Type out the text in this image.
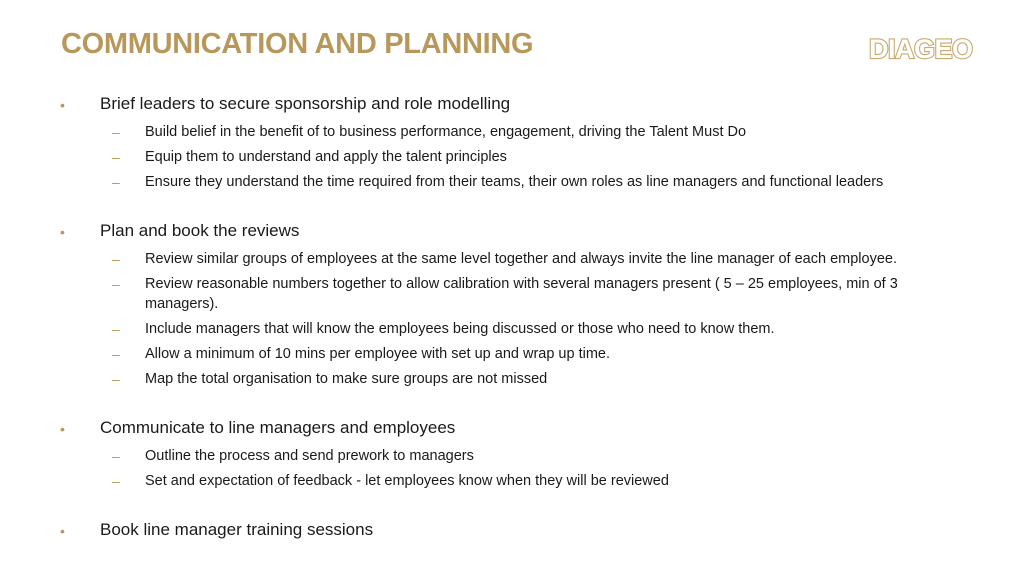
COMMUNICATION AND PLANNING	DIAGEO
• Brief leaders to secure sponsorship and role modelling
– Build belief in the benefit of to business performance, engagement, driving the Talent Must Do
– Equip them to understand and apply the talent principles
– Ensure they understand the time required from their teams, their own roles as line managers and functional leaders
• Plan and book the reviews
– Review similar groups of employees at the same level together and always invite the line manager of each employee.
– Review reasonable numbers together to allow calibration with several managers present ( 5 – 25 employees, min of 3 managers).
– Include managers that will know the employees being discussed or those who need to know them.
– Allow a minimum of 10 mins per employee with set up and wrap up time.
– Map the total organisation to make sure groups are not missed
• Communicate to line managers and employees
– Outline the process and send prework to managers
– Set and expectation of feedback - let employees know when they will be reviewed
• Book line manager training sessions
